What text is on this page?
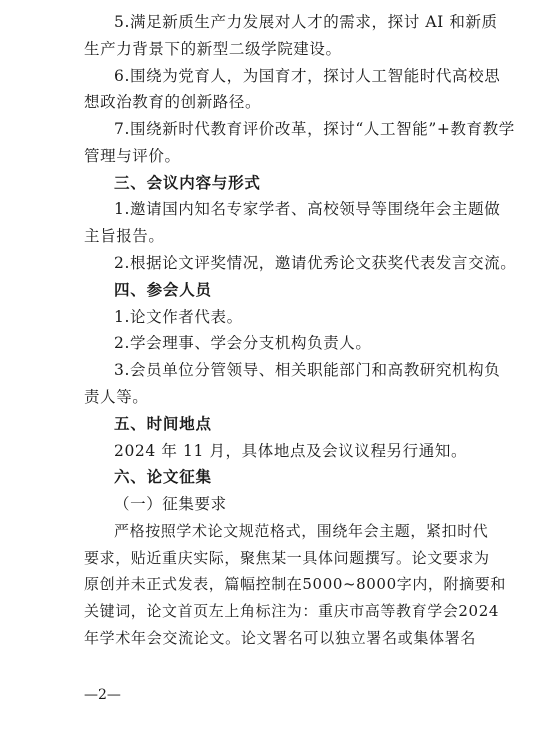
5.满足新质生产力发展对人才的需求，探讨 AI 和新质
生产力背景下的新型二级学院建设。
6.围绕为党育人，为国育才，探讨人工智能时代高校思
想政治教育的创新路径。
7.围绕新时代教育评价改革，探讨“人工智能”+教育教学
管理与评价。
三、会议内容与形式
1.邀请国内知名专家学者、高校领导等围绕年会主题做
主旨报告。
2.根据论文评奖情况，邀请优秀论文获奖代表发言交流。
四、参会人员
1.论文作者代表。
2.学会理事、学会分支机构负责人。
3.会员单位分管领导、相关职能部门和高教研究机构负
责人等。
五、时间地点
2024 年 11 月，具体地点及会议议程另行通知。
六、论文征集
（一）征集要求
严格按照学术论文规范格式，围绕年会主题，紧扣时代
要求，贴近重庆实际，聚焦某一具体问题撰写。论文要求为
原创并未正式发表，篇幅控制在5000~8000字内，附摘要和
关键词，论文首页左上角标注为：重庆市高等教育学会2024
年学术年会交流论文。论文署名可以独立署名或集体署名
—2—
